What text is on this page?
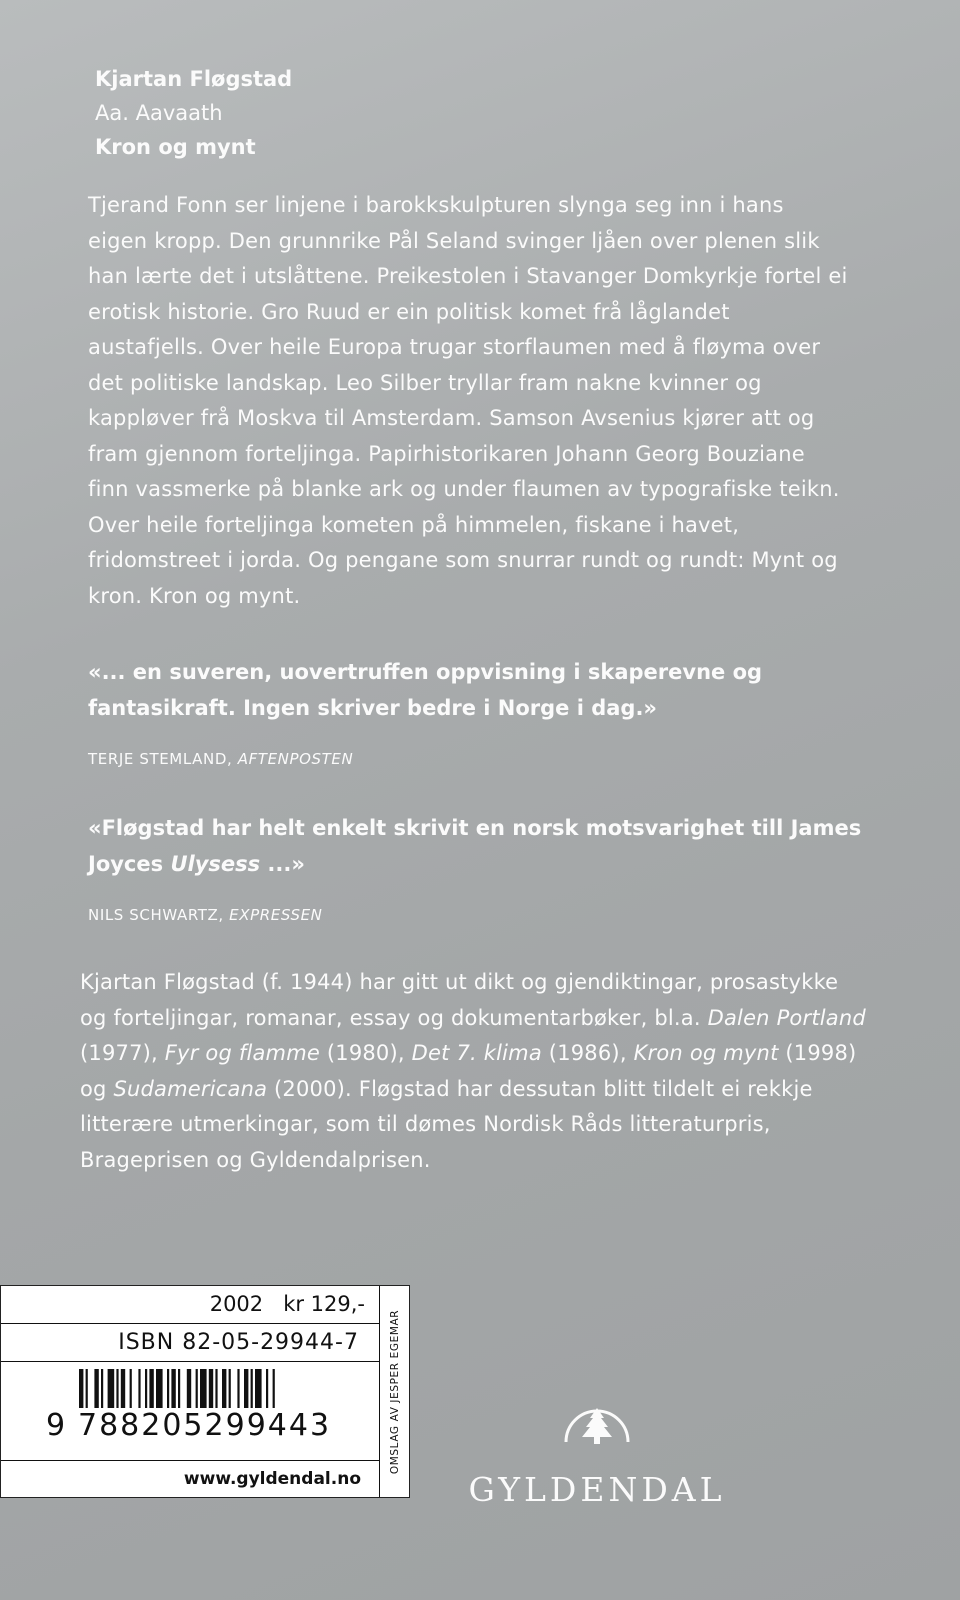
Kjartan Fløgstad
Aa. Aavaath
Kron og mynt
Tjerand Fonn ser linjene i barokkskulpturen slynga seg inn i hans eigen kropp. Den grunnrike Pål Seland svinger ljåen over plenen slik han lærte det i utslåttene. Preikestolen i Stavanger Domkyrkje fortel ei erotisk historie. Gro Ruud er ein politisk komet frå låglandet austafjells. Over heile Europa trugar storflaumen med å fløyma over det politiske landskap. Leo Silber tryllar fram nakne kvinner og kappløver frå Moskva til Amsterdam. Samson Avsenius kjører att og fram gjennom forteljinga. Papirhistorikaren Johann Georg Bouziane finn vassmerke på blanke ark og under flaumen av typografiske teikn. Over heile forteljinga kometen på himmelen, fiskane i havet, fridomstreet i jorda. Og pengane som snurrar rundt og rundt: Mynt og kron. Kron og mynt.
«... en suveren, uovertruffen oppvisning i skaperevne og fantasikraft. Ingen skriver bedre i Norge i dag.»
TERJE STEMLAND, AFTENPOSTEN
«Fløgstad har helt enkelt skrivit en norsk motsvarighet till James Joyces Ulysess ...»
NILS SCHWARTZ, EXPRESSEN
Kjartan Fløgstad (f. 1944) har gitt ut dikt og gjendiktingar, prosastykke og forteljingar, romanar, essay og dokumentarbøker, bl.a. Dalen Portland (1977), Fyr og flamme (1980), Det 7. klima (1986), Kron og mynt (1998) og Sudamericana (2000). Fløgstad har dessutan blitt tildelt ei rekkje litterære utmerkingar, som til dømes Nordisk Råds litteraturpris, Brageprisen og Gyldendalprisen.
2002 kr 129,-
ISBN 82-05-29944-7
9 788205299443
www.gyldendal.no
OMSLAG AV JESPER EGEMAR
GYLDENDAL
